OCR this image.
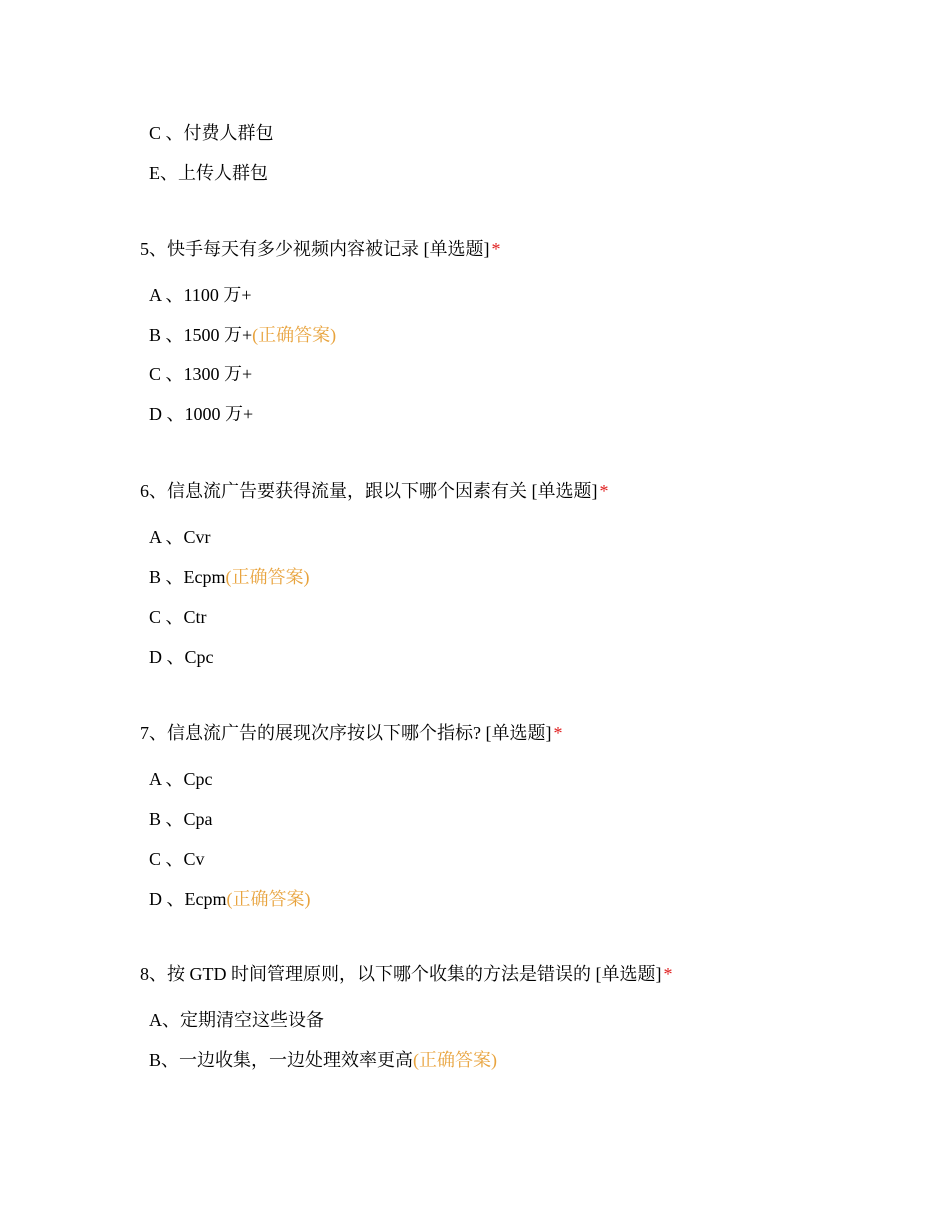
C 、付费人群包
E、上传人群包
5、快手每天有多少视频内容被记录 [单选题] *
A 、1100 万+
B 、1500 万+(正确答案)
C 、1300 万+
D 、1000 万+
6、信息流广告要获得流量，跟以下哪个因素有关 [单选题] *
A 、Cvr
B 、Ecpm(正确答案)
C 、Ctr
D 、Cpc
7、信息流广告的展现次序按以下哪个指标? [单选题] *
A 、Cpc
B 、Cpa
C 、Cv
D 、Ecpm(正确答案)
8、按 GTD 时间管理原则，以下哪个收集的方法是错误的 [单选题] *
A、定期清空这些设备
B、一边收集，一边处理效率更高(正确答案)
